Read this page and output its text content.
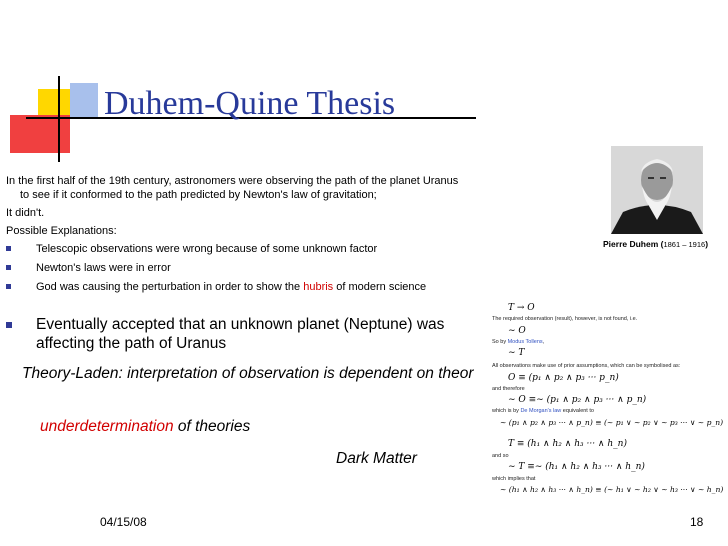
Duhem-Quine Thesis
In the first half of the 19th century, astronomers were observing the path of the planet Uranus
to see if it conformed to the path predicted by Newton's law of gravitation;
It didn't.
Possible Explanations:
Telescopic observations were wrong because of some unknown factor
Newton's laws were in error
God was causing the perturbation in order to show the hubris of modern science
Eventually accepted that an unknown planet (Neptune) was
affecting the path of Uranus
Theory-Laden: interpretation of observation is dependent on theor
underdetermination of theories
Dark Matter
Pierre Duhem (1861 – 1916)
T → O
The required observation (result), however, is not found, i.e.
∼ O
So by Modus Tollens,
∼ T
All observations make use of prior assumptions, which can be symbolised as:
O ≡ (p₁ ∧ p₂ ∧ p₃ ··· p_n)
and therefore
∼ O ≡∼ (p₁ ∧ p₂ ∧ p₃ ··· ∧ p_n)
which is by De Morgan's law equivalent to
∼ (p₁ ∧ p₂ ∧ p₃ ··· ∧ p_n) ≡ (∼ p₁ ∨ ∼ p₂ ∨ ∼ p₃ ··· ∨ ∼ p_n)
T ≡ (h₁ ∧ h₂ ∧ h₃ ··· ∧ h_n)
and so
∼ T ≡∼ (h₁ ∧ h₂ ∧ h₃ ··· ∧ h_n)
which implies that
∼ (h₁ ∧ h₂ ∧ h₃ ··· ∧ h_n) ≡ (∼ h₁ ∨ ∼ h₂ ∨ ∼ h₃ ··· ∨ ∼ h_n)
04/15/08	18
